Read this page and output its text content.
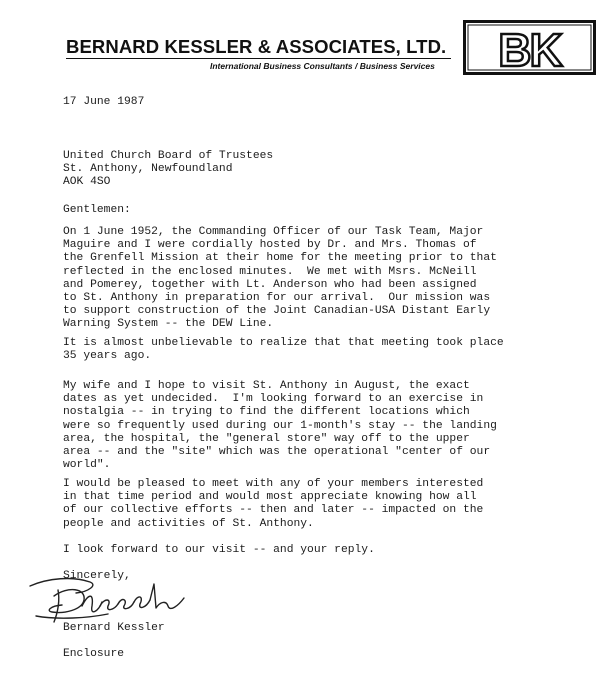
BERNARD KESSLER & ASSOCIATES, LTD.
International Business Consultants / Business Services BK
17 June 1987
United Church Board of Trustees
St. Anthony, Newfoundland
AOK 4SO
Gentlemen:
On 1 June 1952, the Commanding Officer of our Task Team, Major
Maguire and I were cordially hosted by Dr. and Mrs. Thomas of
the Grenfell Mission at their home for the meeting prior to that
reflected in the enclosed minutes.  We met with Msrs. McNeill
and Pomerey, together with Lt. Anderson who had been assigned
to St. Anthony in preparation for our arrival.  Our mission was
to support construction of the Joint Canadian-USA Distant Early
Warning System -- the DEW Line.
It is almost unbelievable to realize that that meeting took place
35 years ago.
My wife and I hope to visit St. Anthony in August, the exact
dates as yet undecided.  I'm looking forward to an exercise in
nostalgia -- in trying to find the different locations which
were so frequently used during our 1-month's stay -- the landing
area, the hospital, the "general store" way off to the upper
area -- and the "site" which was the operational "center of our
world".
I would be pleased to meet with any of your members interested
in that time period and would most appreciate knowing how all
of our collective efforts -- then and later -- impacted on the
people and activities of St. Anthony.
I look forward to our visit -- and your reply.
Sincerely,
Bernard Kessler
Enclosure
